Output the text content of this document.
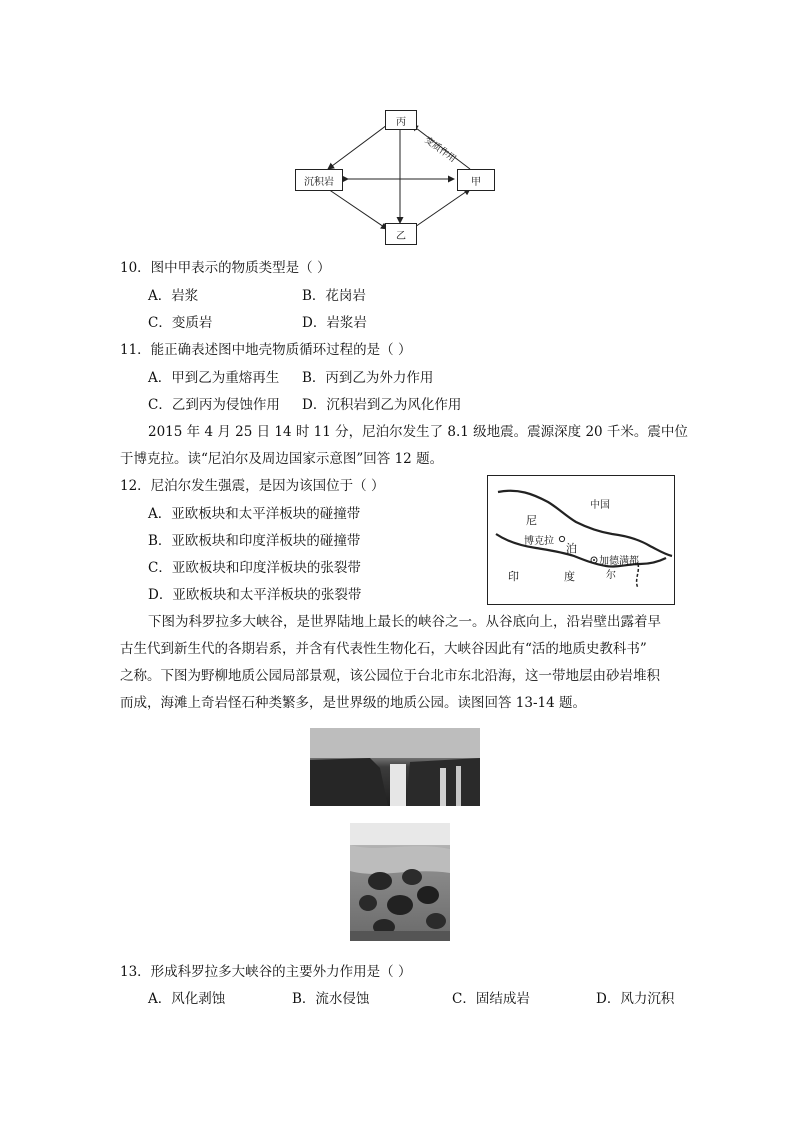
丙
沉积岩	甲
乙
变质作用
10．图中甲表示的物质类型是（ ）
A．岩浆	B．花岗岩
C．变质岩	D．岩浆岩
11．能正确表述图中地壳物质循环过程的是（ ）
A．甲到乙为重熔再生 B．丙到乙为外力作用
C．乙到丙为侵蚀作用 D．沉积岩到乙为风化作用
2015 年 4 月 25 日 14 时 11 分，尼泊尔发生了 8.1 级地震。震源深度 20 千米。震中位
于博克拉。读“尼泊尔及周边国家示意图”回答 12 题。
12．尼泊尔发生强震，是因为该国位于（ ）
A．亚欧板块和太平洋板块的碰撞带
B．亚欧板块和印度洋板块的碰撞带
C．亚欧板块和印度洋板块的张裂带
D．亚欧板块和太平洋板块的张裂带
中国
尼
博克拉
泊
加德满都
尔
印	度
下图为科罗拉多大峡谷，是世界陆地上最长的峡谷之一。从谷底向上，沿岩壁出露着早
古生代到新生代的各期岩系，并含有代表性生物化石，大峡谷因此有“活的地质史教科书”
之称。下图为野柳地质公园局部景观，该公园位于台北市东北沿海，这一带地层由砂岩堆积
而成，海滩上奇岩怪石种类繁多，是世界级的地质公园。读图回答 13-14 题。
13．形成科罗拉多大峡谷的主要外力作用是（ ）
A．风化剥蚀	B．流水侵蚀	C．固结成岩	D．风力沉积
